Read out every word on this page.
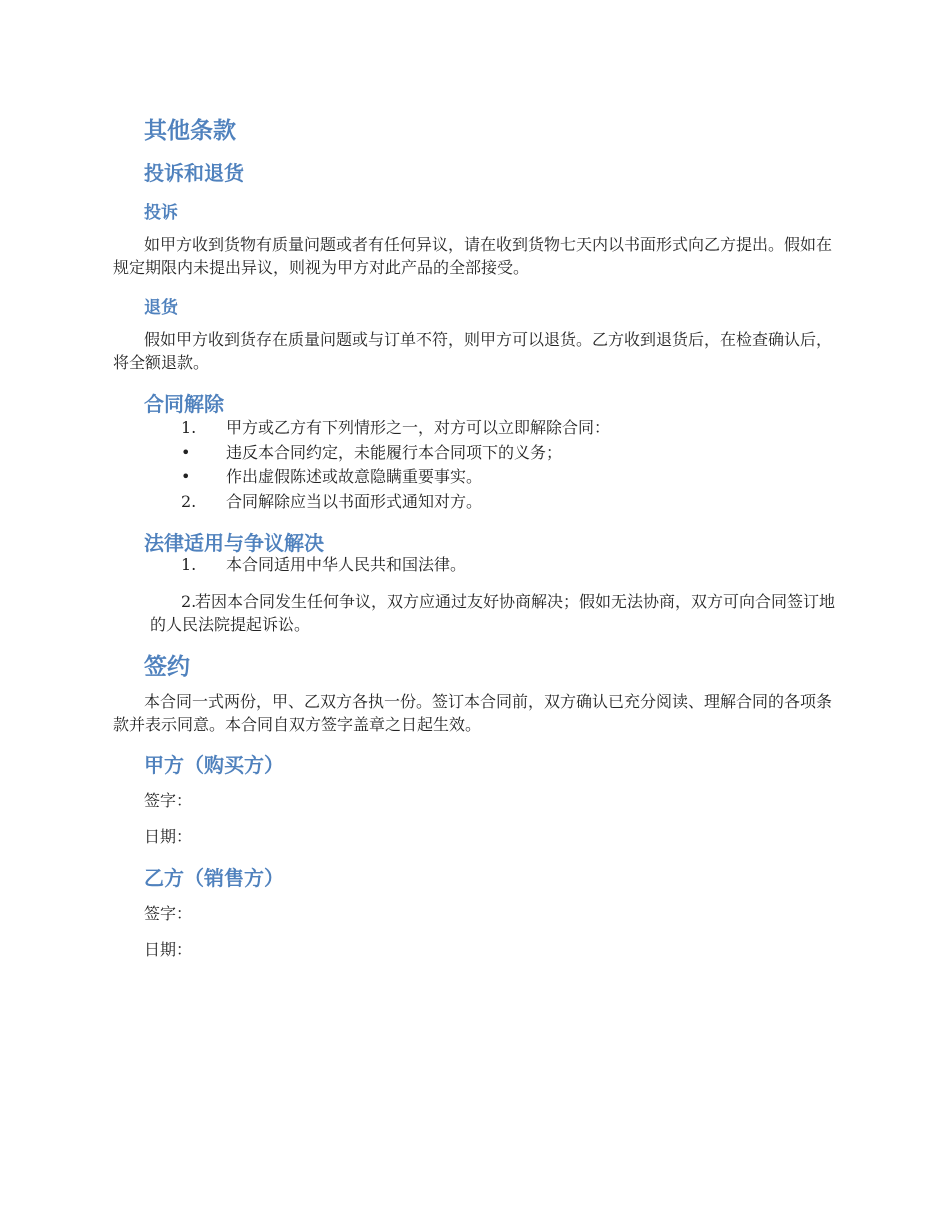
其他条款
投诉和退货
投诉

如甲方收到货物有质量问题或者有任何异议，请在收到货物七天内以书面形式向乙方提出。假如在规定期限内未提出异议，则视为甲方对此产品的全部接受。

退货

假如甲方收到货存在质量问题或与订单不符，则甲方可以退货。乙方收到退货后，在检查确认后，将全额退款。

合同解除
1.	甲方或乙方有下列情形之一，对方可以立即解除合同：
•	违反本合同约定，未能履行本合同项下的义务；
•	作出虚假陈述或故意隐瞒重要事实。
2.	合同解除应当以书面形式通知对方。
法律适用与争议解决
1.	本合同适用中华人民共和国法律。
2.
若因本合同发生任何争议，双方应通过友好协商解决；假如无法协商，双方可向合同签订地的人民法院提起诉讼。
签约

本合同一式两份，甲、乙双方各执一份。签订本合同前，双方确认已充分阅读、理解合同的各项条款并表示同意。本合同自双方签字盖章之日起生效。

甲方（购买方）
签字：
日期：
乙方（销售方）
签字：
日期：
